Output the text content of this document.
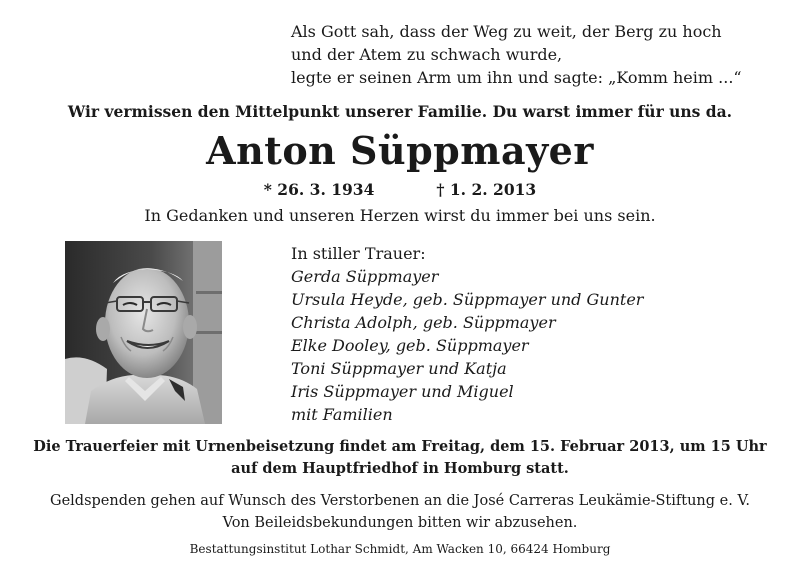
Als Gott sah, dass der Weg zu weit, der Berg zu hoch
und der Atem zu schwach wurde,
legte er seinen Arm um ihn und sagte: „Komm heim ...“
Wir vermissen den Mittelpunkt unserer Familie. Du warst immer für uns da.
Anton Süppmayer
* 26. 3. 1934	† 1. 2. 2013
In Gedanken und unseren Herzen wirst du immer bei uns sein.
In stiller Trauer:
Gerda Süppmayer
Ursula Heyde, geb. Süppmayer und Gunter
Christa Adolph, geb. Süppmayer
Elke Dooley, geb. Süppmayer
Toni Süppmayer und Katja
Iris Süppmayer und Miguel
mit Familien
Die Trauerfeier mit Urnenbeisetzung findet am Freitag, dem 15. Februar 2013, um 15 Uhr
auf dem Hauptfriedhof in Homburg statt.
Geldspenden gehen auf Wunsch des Verstorbenen an die José Carreras Leukämie-Stiftung e. V.
Von Beileidsbekundungen bitten wir abzusehen.
Bestattungsinstitut Lothar Schmidt, Am Wacken 10, 66424 Homburg
